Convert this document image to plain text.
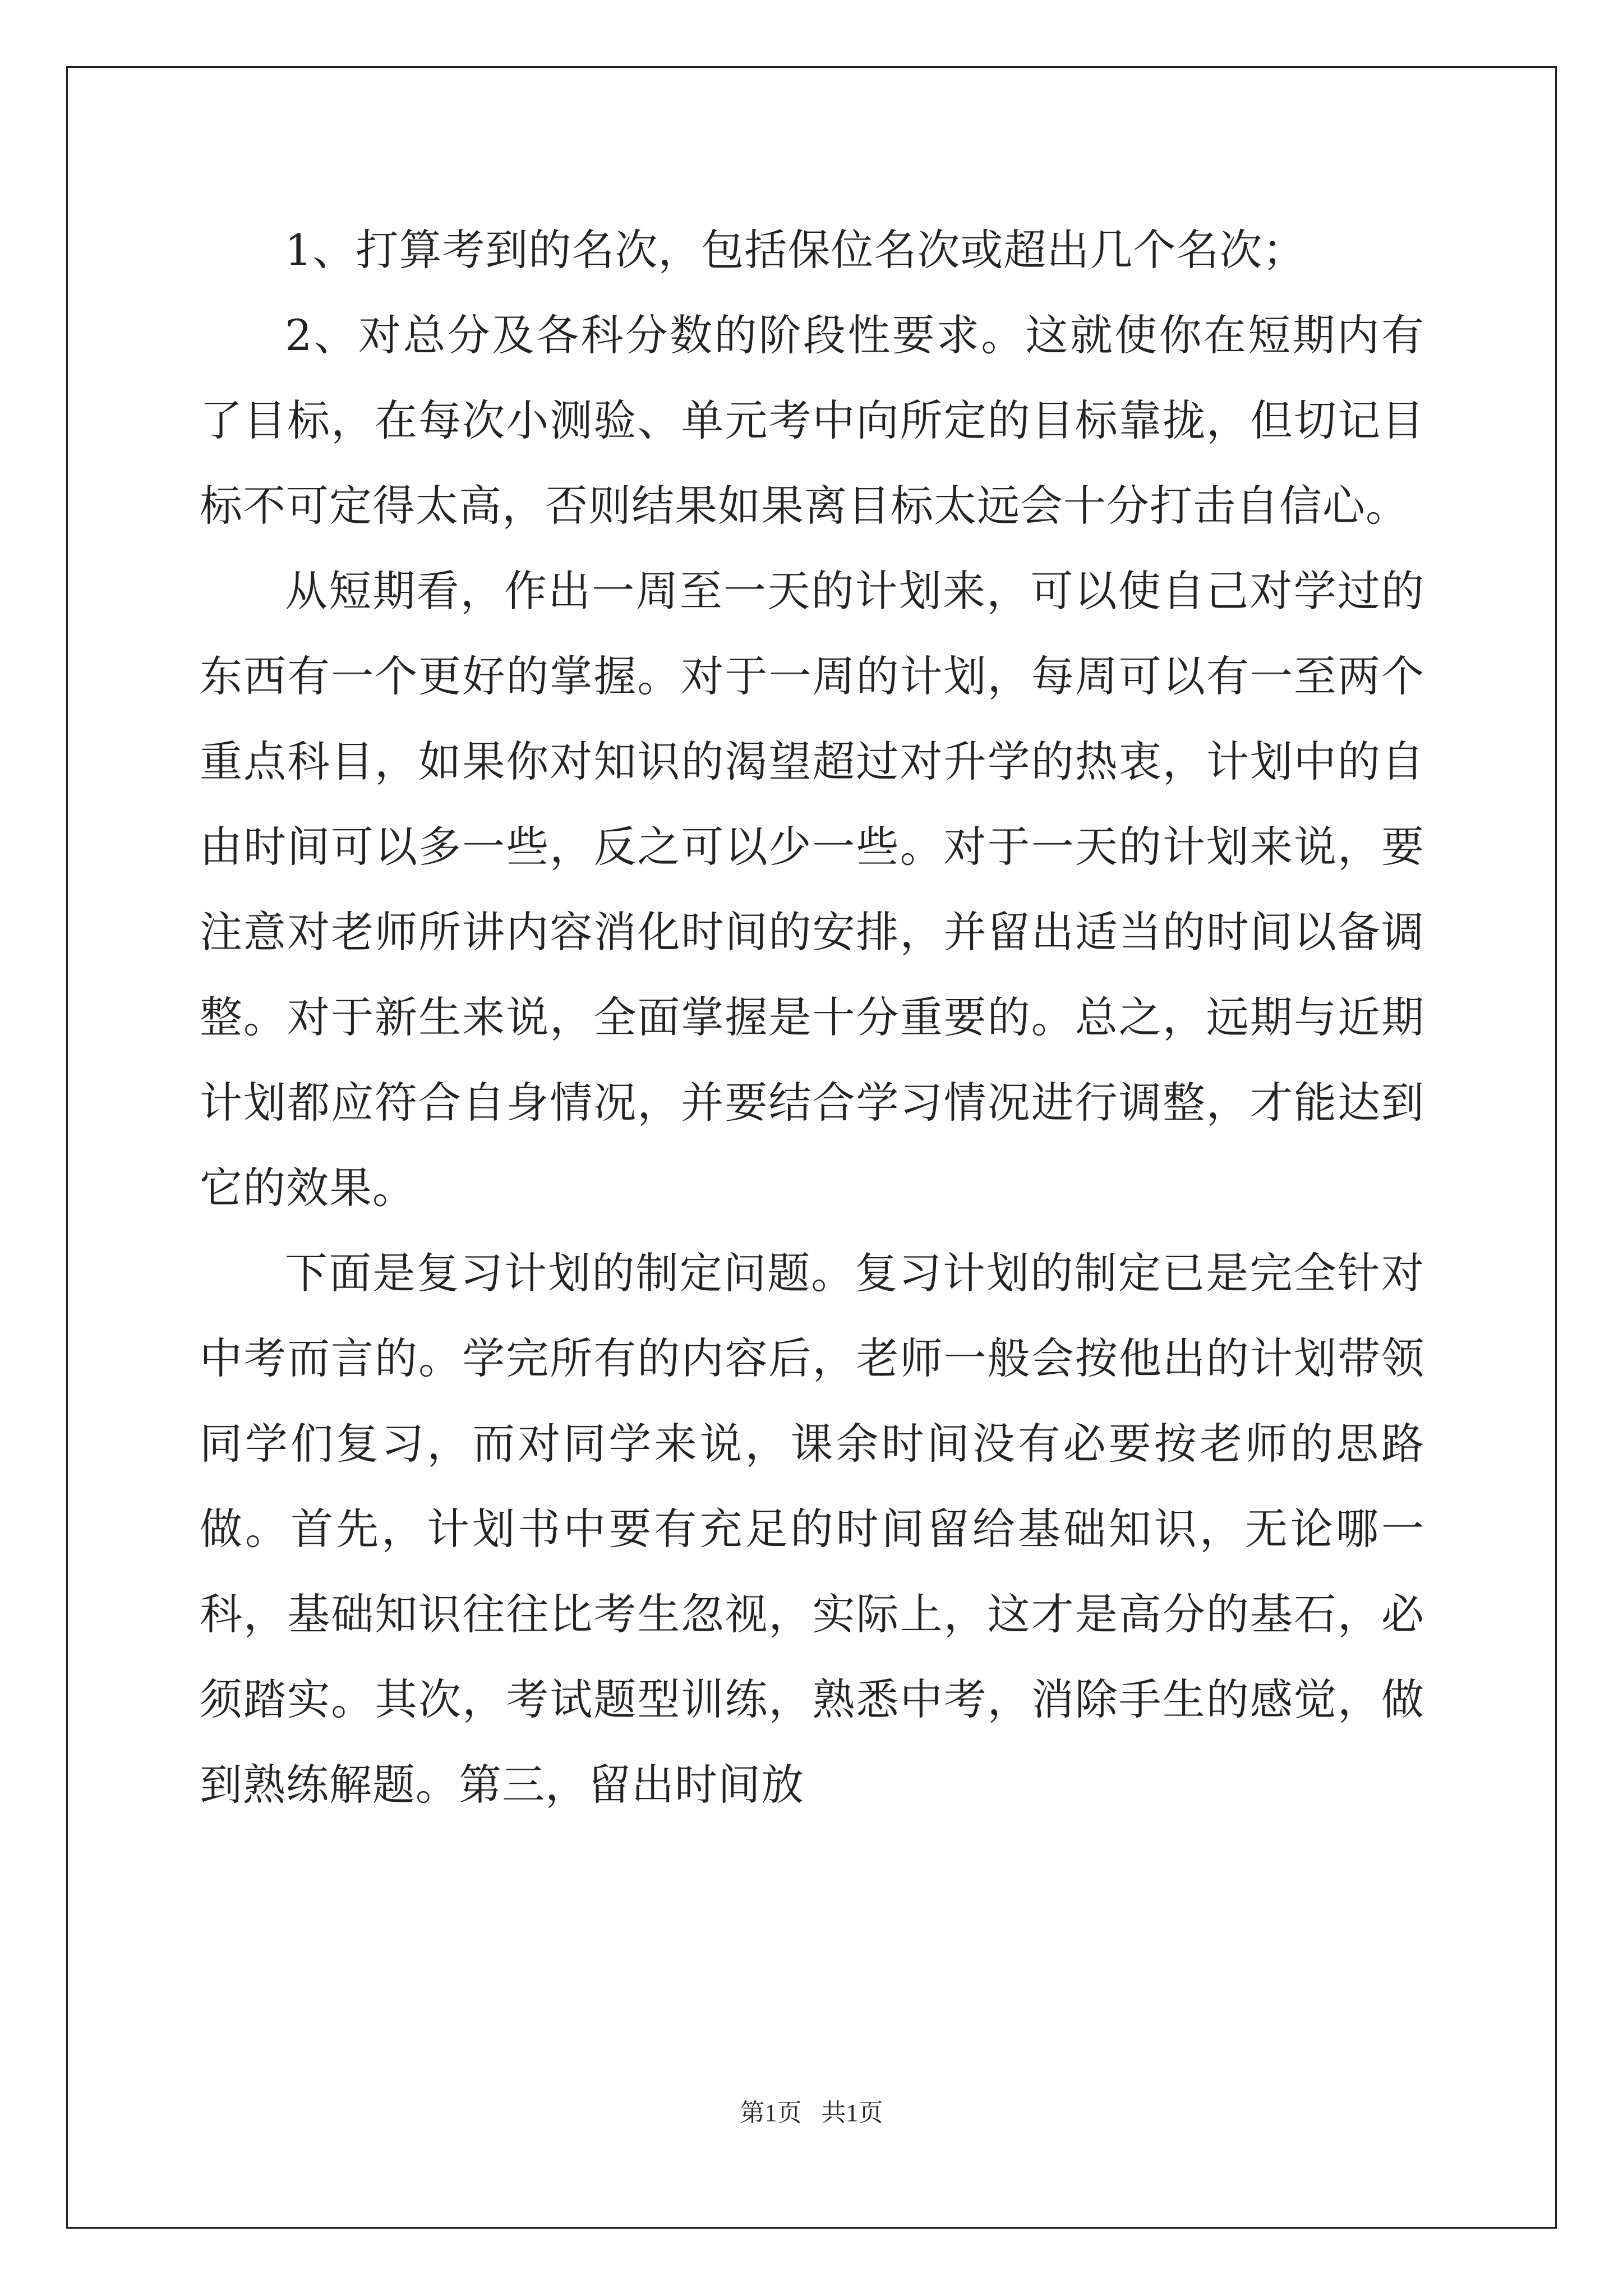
1、打算考到的名次，包括保位名次或超出几个名次；

2、对总分及各科分数的阶段性要求。这就使你在短期内有了目标，在每次小测验、单元考中向所定的目标靠拢，但切记目标不可定得太高，否则结果如果离目标太远会十分打击自信心。

从短期看，作出一周至一天的计划来，可以使自己对学过的东西有一个更好的掌握。对于一周的计划，每周可以有一至两个重点科目，如果你对知识的渴望超过对升学的热衷，计划中的自由时间可以多一些，反之可以少一些。对于一天的计划来说，要注意对老师所讲内容消化时间的安排，并留出适当的时间以备调整。对于新生来说，全面掌握是十分重要的。总之，远期与近期计划都应符合自身情况，并要结合学习情况进行调整，才能达到它的效果。

下面是复习计划的制定问题。复习计划的制定已是完全针对中考而言的。学完所有的内容后，老师一般会按他出的计划带领同学们复习，而对同学来说，课余时间没有必要按老师的思路做。首先，计划书中要有充足的时间留给基础知识，无论哪一科，基础知识往往比考生忽视，实际上，这才是高分的基石，必须踏实。其次，考试题型训练，熟悉中考，消除手生的感觉，做到熟练解题。第三，留出时间放

第1页 共1页
